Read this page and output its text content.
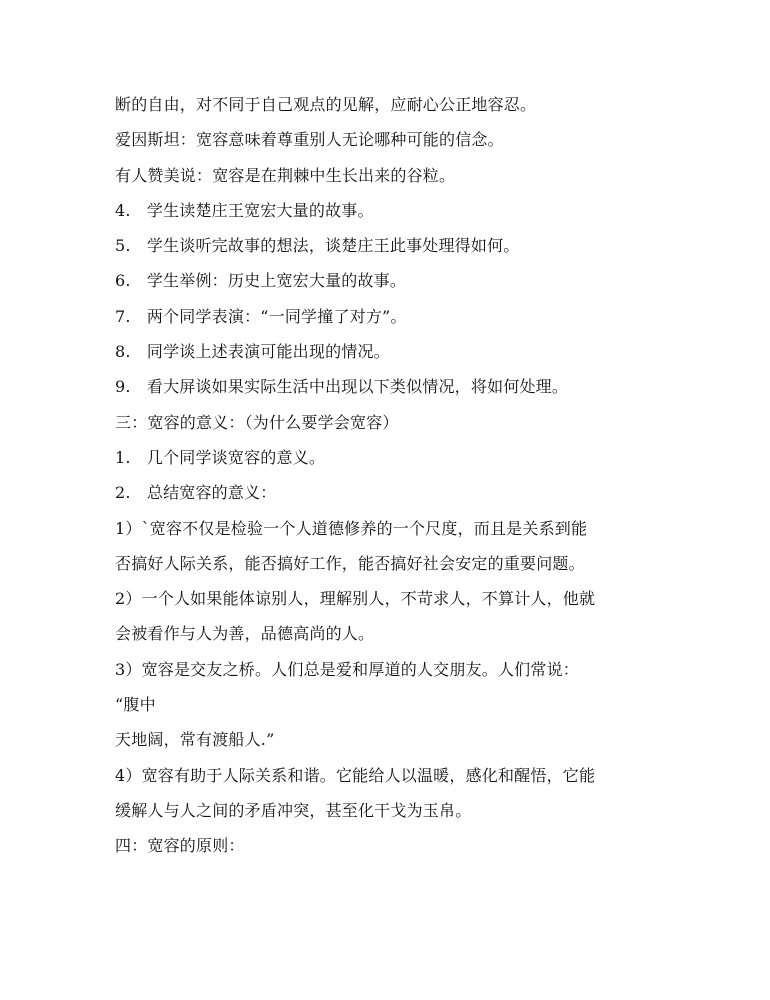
断的自由，对不同于自己观点的见解，应耐心公正地容忍。
爱因斯坦：宽容意味着尊重别人无论哪种可能的信念。
有人赞美说：宽容是在荆棘中生长出来的谷粒。
4.　学生读楚庄王宽宏大量的故事。
5.　学生谈听完故事的想法，谈楚庄王此事处理得如何。
6.　学生举例：历史上宽宏大量的故事。
7.　两个同学表演：“一同学撞了对方”。
8.　同学谈上述表演可能出现的情况。
9.　看大屏谈如果实际生活中出现以下类似情况，将如何处理。
三：宽容的意义：（为什么要学会宽容）
1.　几个同学谈宽容的意义。
2.　总结宽容的意义：
1）`宽容不仅是检验一个人道德修养的一个尺度，而且是关系到能
否搞好人际关系，能否搞好工作，能否搞好社会安定的重要问题。
2）一个人如果能体谅别人，理解别人，不苛求人，不算计人，他就
会被看作与人为善，品德高尚的人。
3）宽容是交友之桥。人们总是爱和厚道的人交朋友。人们常说：
“腹中
天地阔，常有渡船人.”
4）宽容有助于人际关系和谐。它能给人以温暖，感化和醒悟，它能
缓解人与人之间的矛盾冲突，甚至化干戈为玉帛。
四：宽容的原则：
